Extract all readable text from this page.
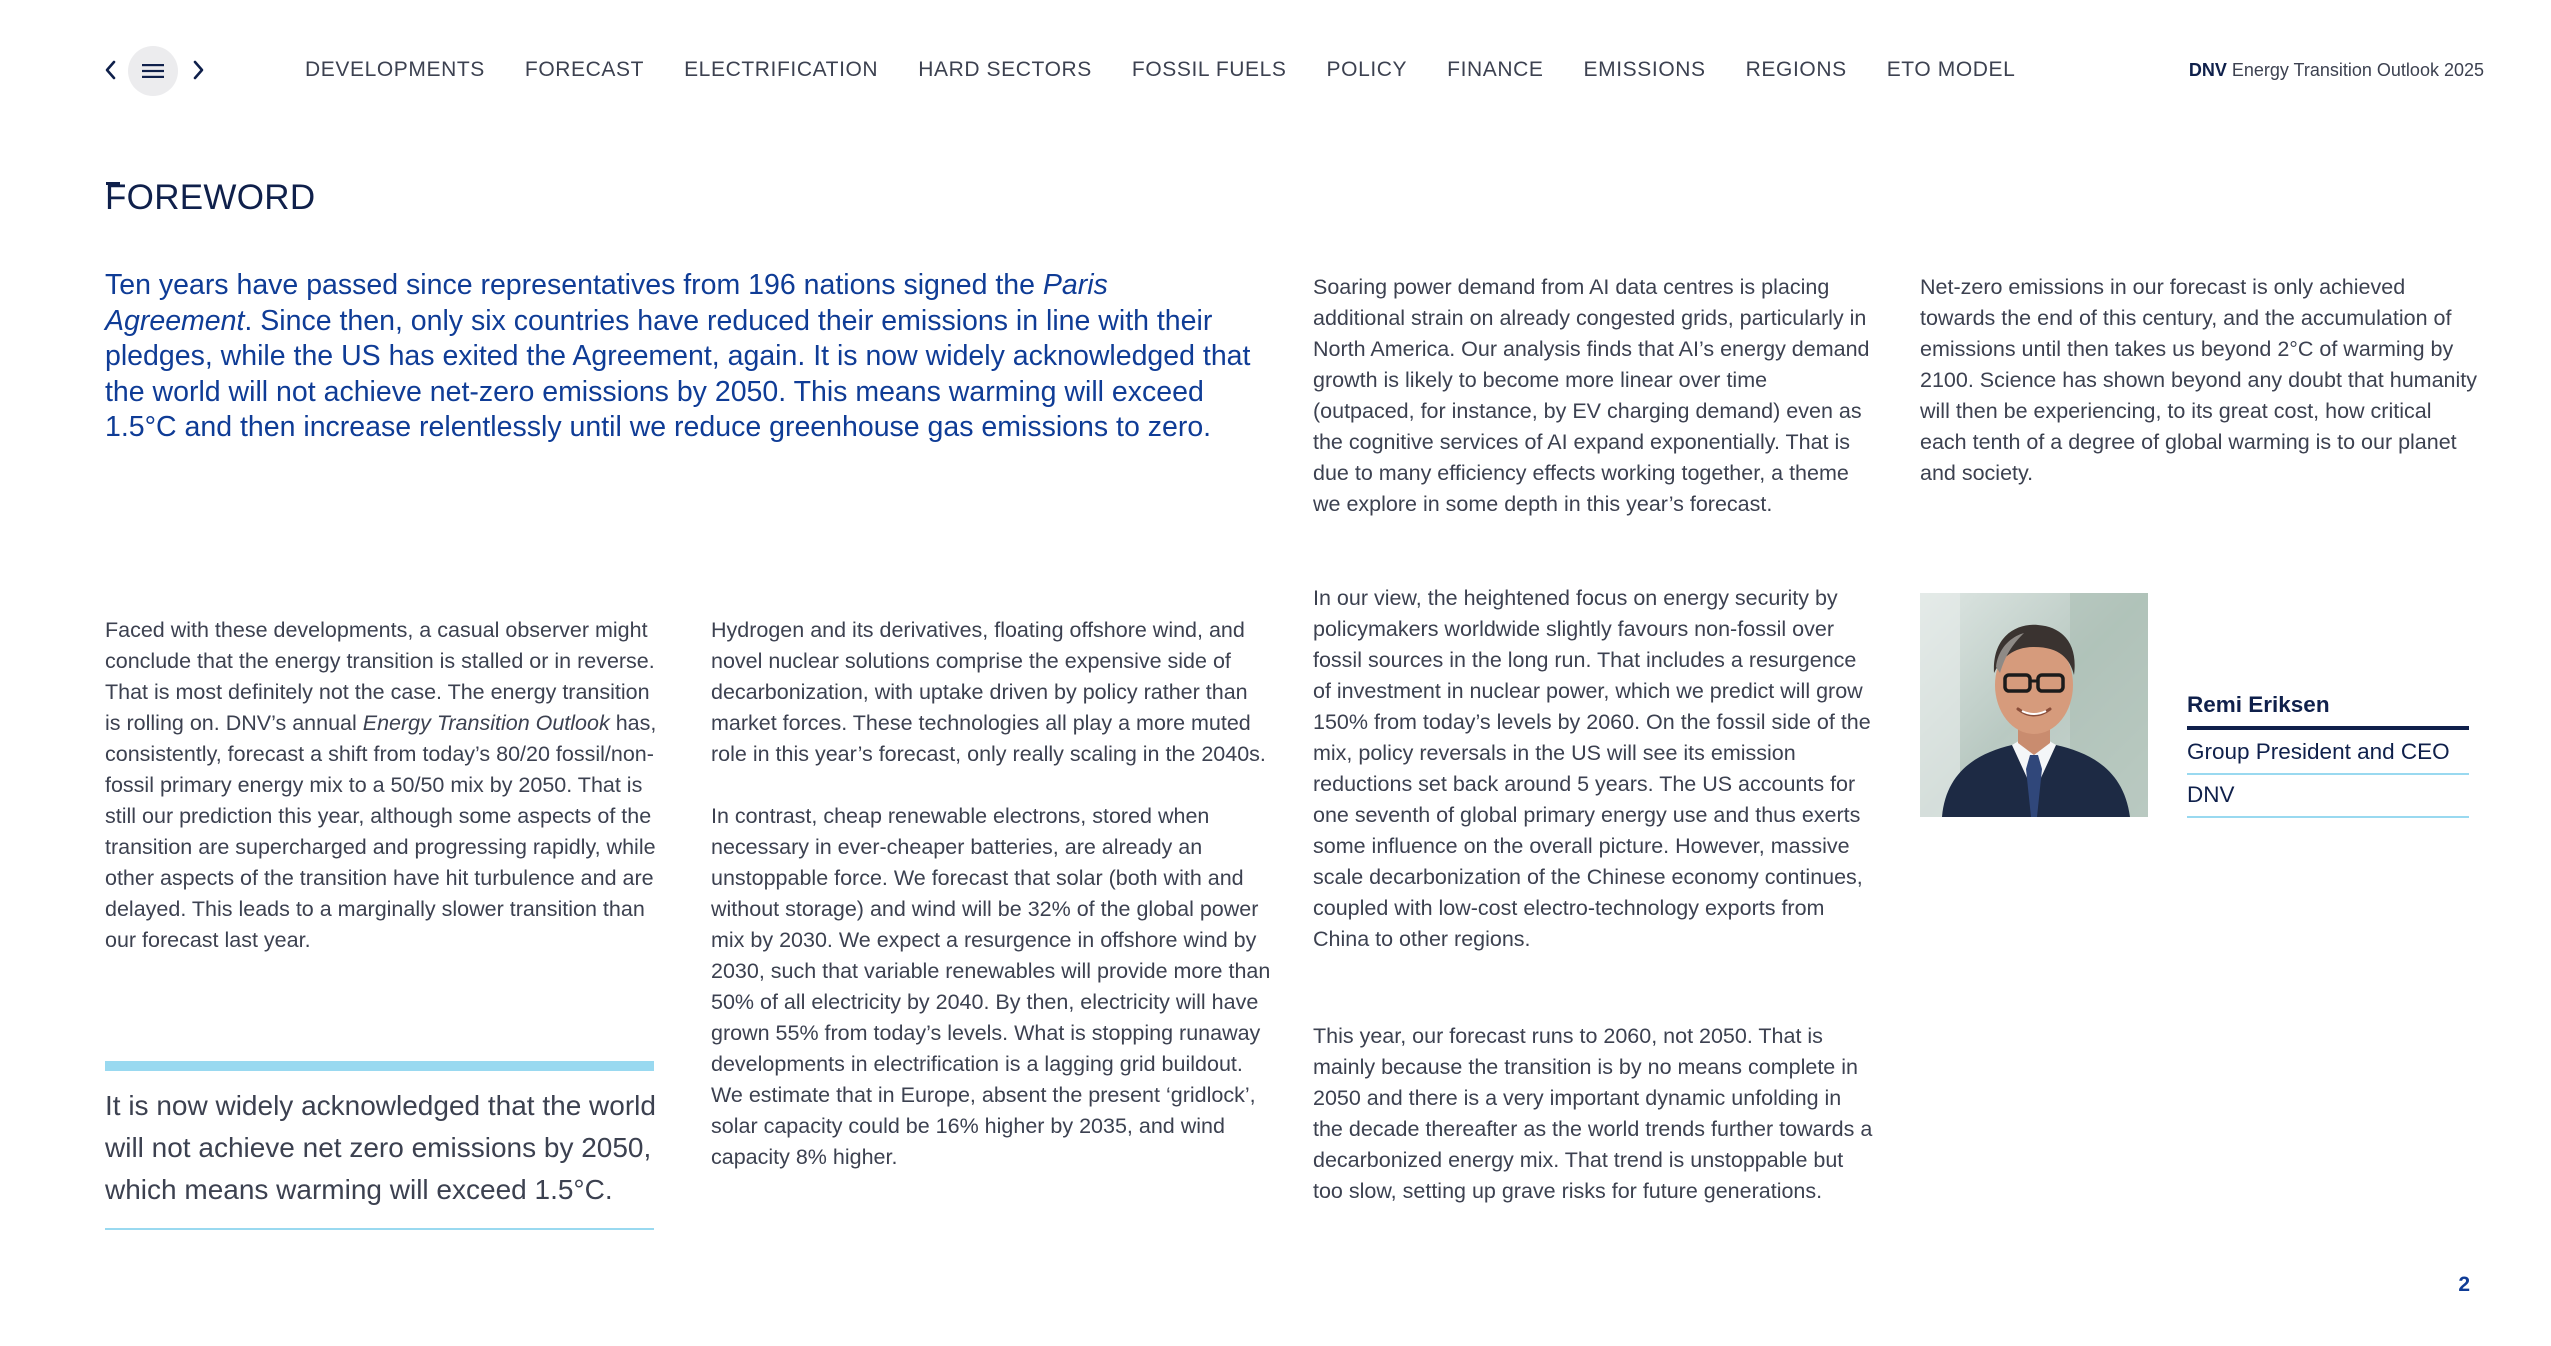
DEVELOPMENTS FORECAST ELECTRIFICATION HARD SECTORS FOSSIL FUELS POLICY FINANCE EMISSIONS REGIONS ETO MODEL	DNV Energy Transition Outlook 2025
FOREWORD

Ten years have passed since representatives from 196 nations signed the Paris Agreement. Since then, only six countries have reduced their emissions in line with their pledges, while the US has exited the Agreement, again. It is now widely acknowledged that the world will not achieve net-zero emissions by 2050. This means warming will exceed 1.5°C and then increase relentlessly until we reduce greenhouse gas emissions to zero.

Faced with these developments, a casual observer might conclude that the energy transition is stalled or in reverse. That is most definitely not the case. The energy transition is rolling on. DNV’s annual Energy Transition Outlook has, consistently, forecast a shift from today’s 80/20 fossil/non-fossil primary energy mix to a 50/50 mix by 2050. That is still our prediction this year, although some aspects of the transition are supercharged and progressing rapidly, while other aspects of the transition have hit turbulence and are delayed. This leads to a marginally slower transition than our forecast last year.

It is now widely acknowledged that the world will not achieve net zero emissions by 2050, which means warming will exceed 1.5°C.

Hydrogen and its derivatives, floating offshore wind, and novel nuclear solutions comprise the expensive side of decarbonization, with uptake driven by policy rather than market forces. These technologies all play a more muted role in this year’s forecast, only really scaling in the 2040s.

In contrast, cheap renewable electrons, stored when necessary in ever-cheaper batteries, are already an unstoppable force. We forecast that solar (both with and without storage) and wind will be 32% of the global power mix by 2030. We expect a resurgence in offshore wind by 2030, such that variable renewables will provide more than 50% of all electricity by 2040. By then, electricity will have grown 55% from today’s levels. What is stopping runaway developments in electrification is a lagging grid buildout. We estimate that in Europe, absent the present ‘gridlock’, solar capacity could be 16% higher by 2035, and wind capacity 8% higher.

Soaring power demand from AI data centres is placing additional strain on already congested grids, particularly in North America. Our analysis finds that AI’s energy demand growth is likely to become more linear over time (outpaced, for instance, by EV charging demand) even as the cognitive services of AI expand exponentially. That is due to many efficiency effects working together, a theme we explore in some depth in this year’s forecast.

In our view, the heightened focus on energy security by policymakers worldwide slightly favours non-fossil over fossil sources in the long run. That includes a resurgence of investment in nuclear power, which we predict will grow 150% from today’s levels by 2060. On the fossil side of the mix, policy reversals in the US will see its emission reductions set back around 5 years. The US accounts for one seventh of global primary energy use and thus exerts some influence on the overall picture. However, massive scale decarbonization of the Chinese economy continues, coupled with low-cost electro-technology exports from China to other regions.

This year, our forecast runs to 2060, not 2050. That is mainly because the transition is by no means complete in 2050 and there is a very important dynamic unfolding in the decade thereafter as the world trends further towards a decarbonized energy mix. That trend is unstoppable but too slow, setting up grave risks for future generations.

Net-zero emissions in our forecast is only achieved towards the end of this century, and the accumulation of emissions until then takes us beyond 2°C of warming by 2100. Science has shown beyond any doubt that humanity will then be experiencing, to its great cost, how critical each tenth of a degree of global warming is to our planet and society.

Remi Eriksen

Group President and CEO

DNV

2
